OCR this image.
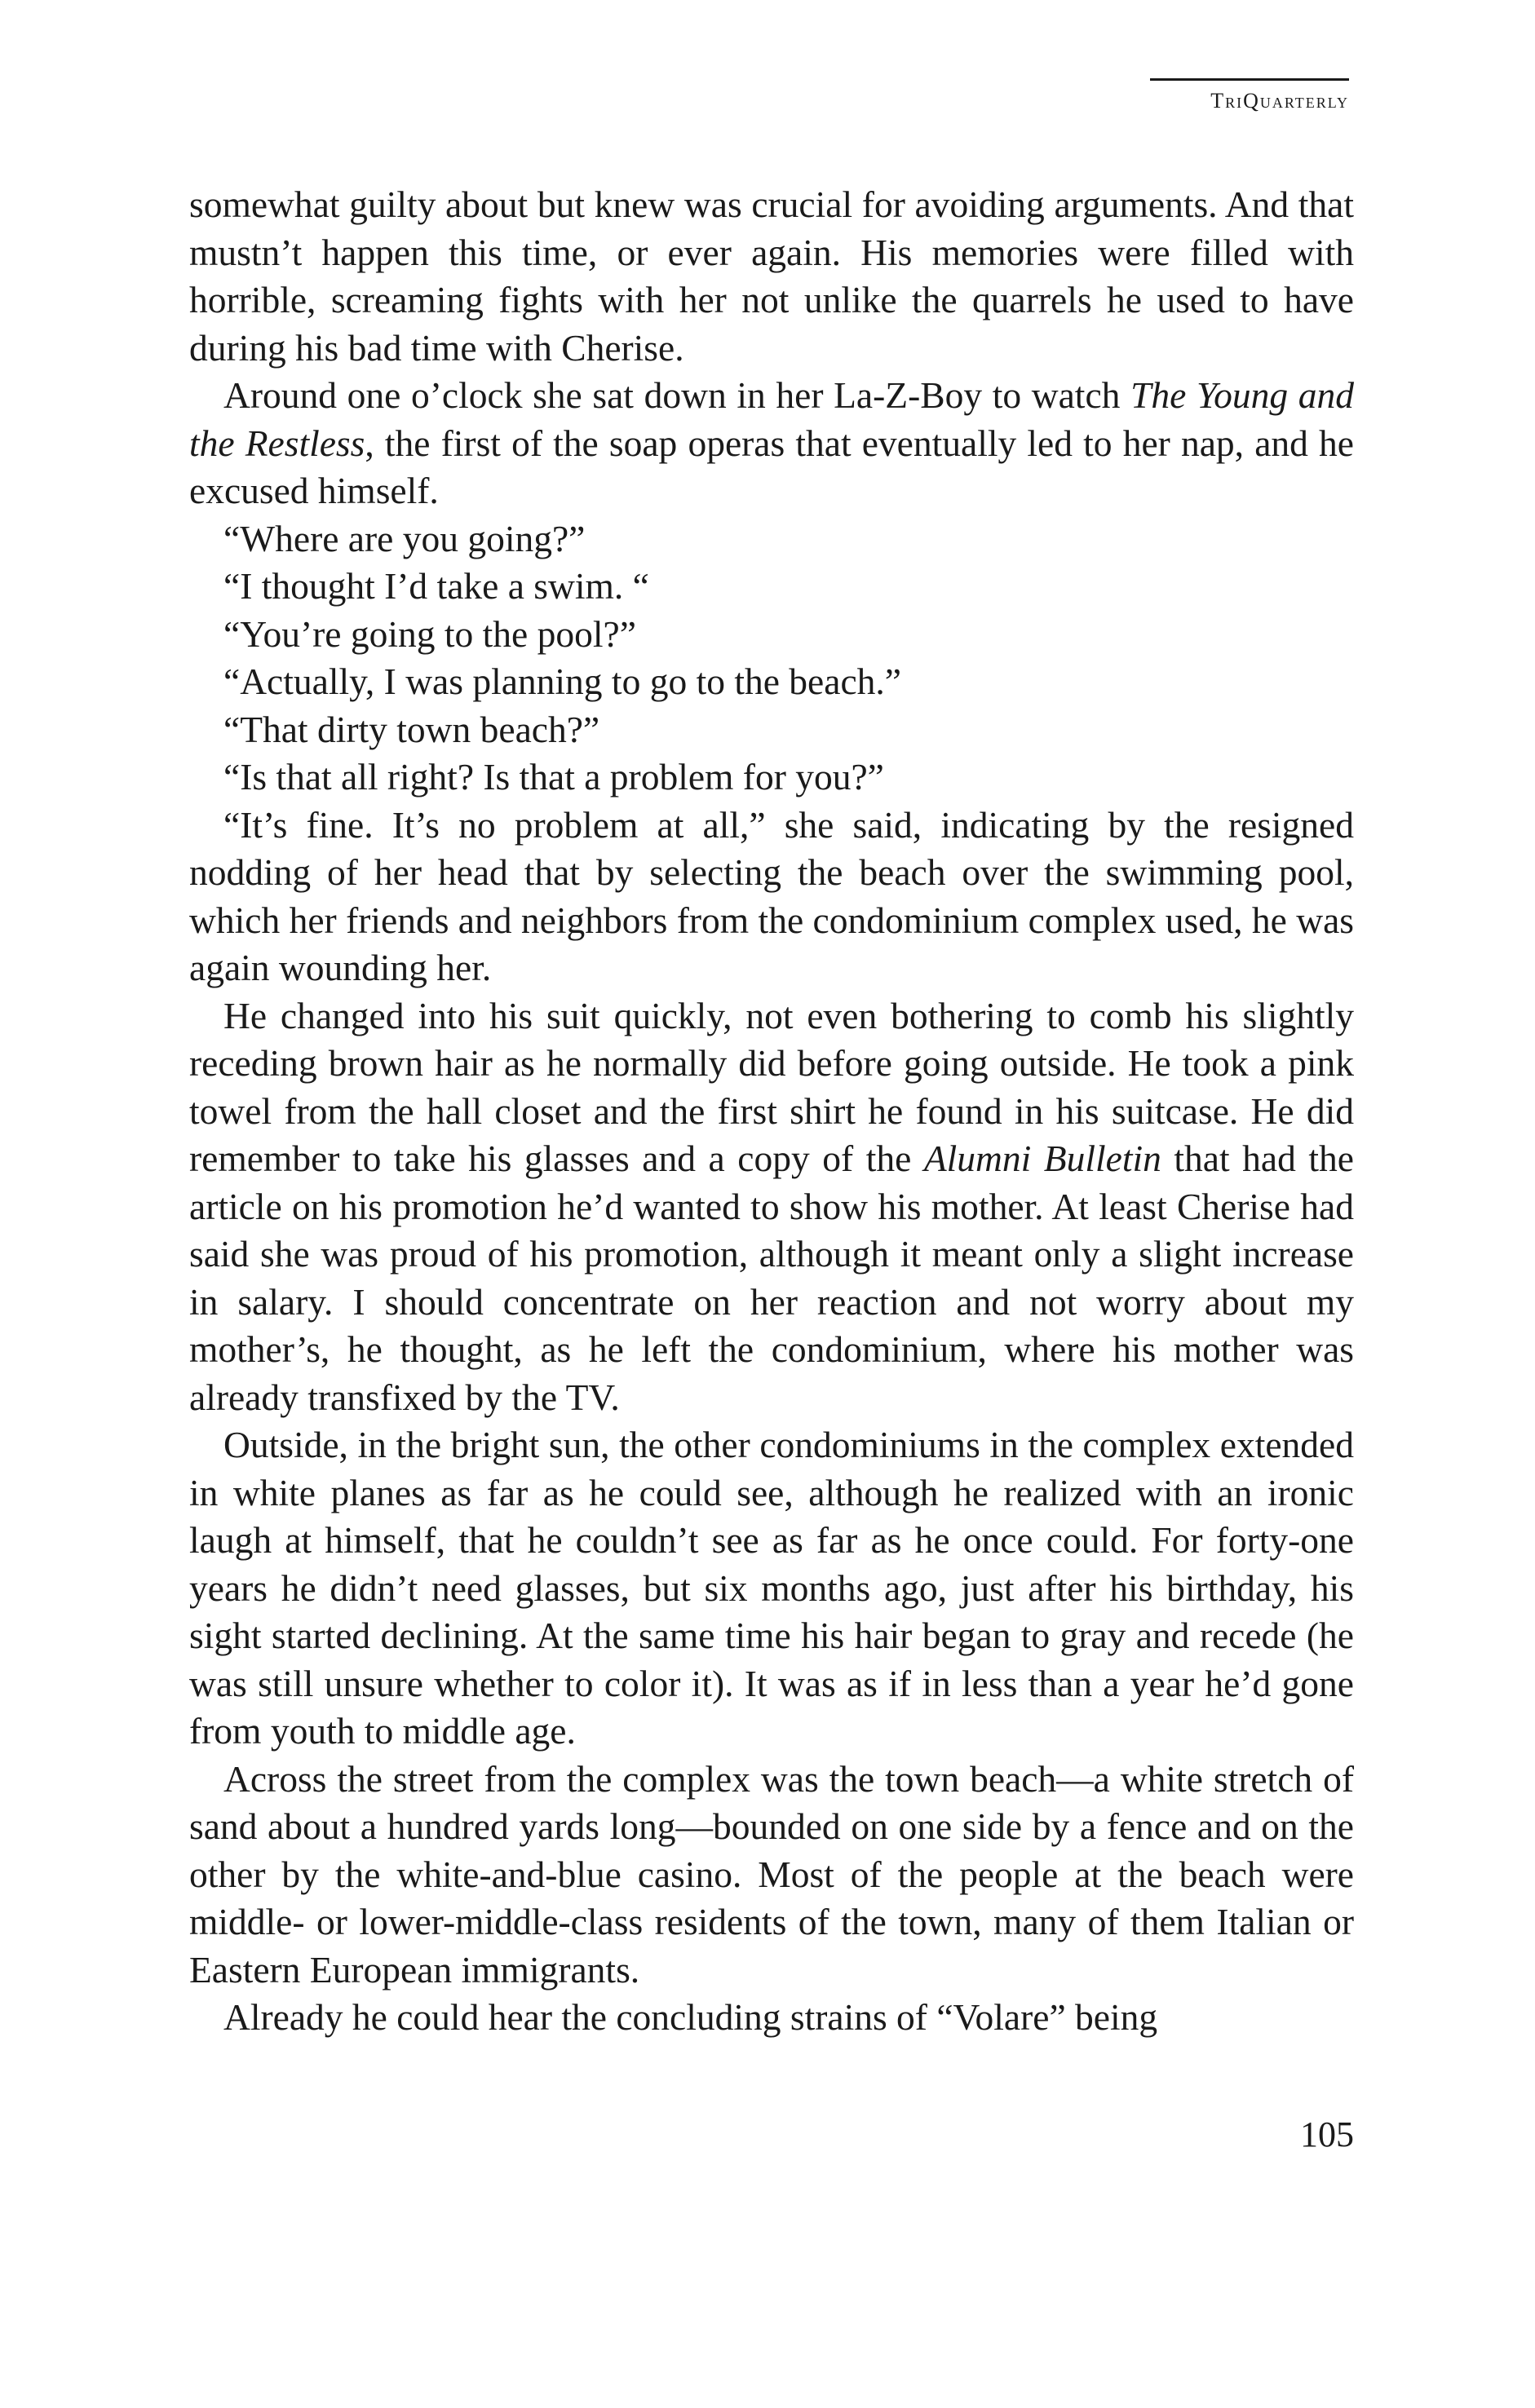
TriQuarterly

somewhat guilty about but knew was crucial for avoiding arguments. And that mustn’t happen this time, or ever again. His memories were filled with horrible, screaming fights with her not unlike the quarrels he used to have during his bad time with Cherise.

Around one o’clock she sat down in her La-Z-Boy to watch The Young and the Restless, the first of the soap operas that eventually led to her nap, and he excused himself.

“Where are you going?”

“I thought I’d take a swim. “

“You’re going to the pool?”

“Actually, I was planning to go to the beach.”

“That dirty town beach?”

“Is that all right? Is that a problem for you?”

“It’s fine. It’s no problem at all,” she said, indicating by the resigned nodding of her head that by selecting the beach over the swimming pool, which her friends and neighbors from the condominium complex used, he was again wounding her.

He changed into his suit quickly, not even bothering to comb his slightly receding brown hair as he normally did before going outside. He took a pink towel from the hall closet and the first shirt he found in his suitcase. He did remember to take his glasses and a copy of the Alumni Bulletin that had the article on his promotion he’d wanted to show his mother. At least Cherise had said she was proud of his promotion, although it meant only a slight increase in salary. I should concentrate on her reaction and not worry about my mother’s, he thought, as he left the condominium, where his mother was already transfixed by the TV.

Outside, in the bright sun, the other condominiums in the complex extended in white planes as far as he could see, although he realized with an ironic laugh at himself, that he couldn’t see as far as he once could. For forty-one years he didn’t need glasses, but six months ago, just after his birthday, his sight started declining. At the same time his hair began to gray and recede (he was still unsure whether to color it). It was as if in less than a year he’d gone from youth to middle age.

Across the street from the complex was the town beach—a white stretch of sand about a hundred yards long—bounded on one side by a fence and on the other by the white-and-blue casino. Most of the people at the beach were middle- or lower-middle-class residents of the town, many of them Italian or Eastern European immigrants.

Already he could hear the concluding strains of “Volare” being

105
